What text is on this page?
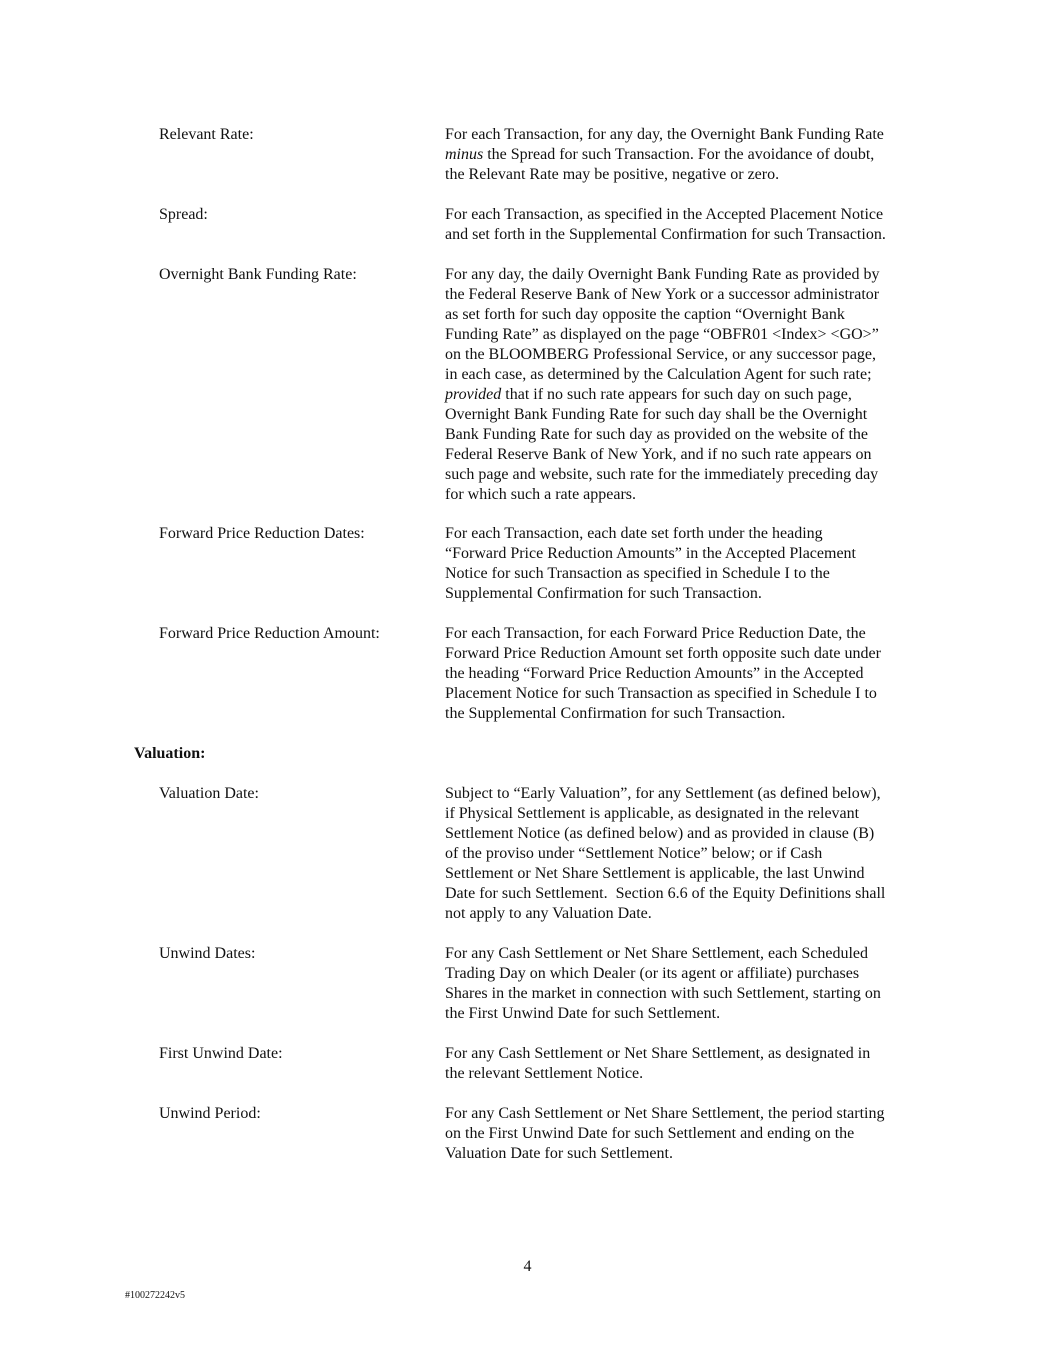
Relevant Rate:	For each Transaction, for any day, the Overnight Bank Funding Rate
minus the Spread for such Transaction. For the avoidance of doubt,
the Relevant Rate may be positive, negative or zero.
Spread:	For each Transaction, as specified in the Accepted Placement Notice
and set forth in the Supplemental Confirmation for such Transaction.
Overnight Bank Funding Rate:	For any day, the daily Overnight Bank Funding Rate as provided by
the Federal Reserve Bank of New York or a successor administrator
as set forth for such day opposite the caption “Overnight Bank
Funding Rate” as displayed on the page “OBFR01 <Index> <GO>”
on the BLOOMBERG Professional Service, or any successor page,
in each case, as determined by the Calculation Agent for such rate;
provided that if no such rate appears for such day on such page,
Overnight Bank Funding Rate for such day shall be the Overnight
Bank Funding Rate for such day as provided on the website of the
Federal Reserve Bank of New York, and if no such rate appears on
such page and website, such rate for the immediately preceding day
for which such a rate appears.
Forward Price Reduction Dates:	For each Transaction, each date set forth under the heading
“Forward Price Reduction Amounts” in the Accepted Placement
Notice for such Transaction as specified in Schedule I to the
Supplemental Confirmation for such Transaction.
Forward Price Reduction Amount:	For each Transaction, for each Forward Price Reduction Date, the
Forward Price Reduction Amount set forth opposite such date under
the heading “Forward Price Reduction Amounts” in the Accepted
Placement Notice for such Transaction as specified in Schedule I to
the Supplemental Confirmation for such Transaction.
Valuation:
Valuation Date:	Subject to “Early Valuation”, for any Settlement (as defined below),
if Physical Settlement is applicable, as designated in the relevant
Settlement Notice (as defined below) and as provided in clause (B)
of the proviso under “Settlement Notice” below; or if Cash
Settlement or Net Share Settlement is applicable, the last Unwind
Date for such Settlement.  Section 6.6 of the Equity Definitions shall
not apply to any Valuation Date.
Unwind Dates:	For any Cash Settlement or Net Share Settlement, each Scheduled
Trading Day on which Dealer (or its agent or affiliate) purchases
Shares in the market in connection with such Settlement, starting on
the First Unwind Date for such Settlement.
First Unwind Date:	For any Cash Settlement or Net Share Settlement, as designated in
the relevant Settlement Notice.
Unwind Period:	For any Cash Settlement or Net Share Settlement, the period starting
on the First Unwind Date for such Settlement and ending on the
Valuation Date for such Settlement.
4
#100272242v5
